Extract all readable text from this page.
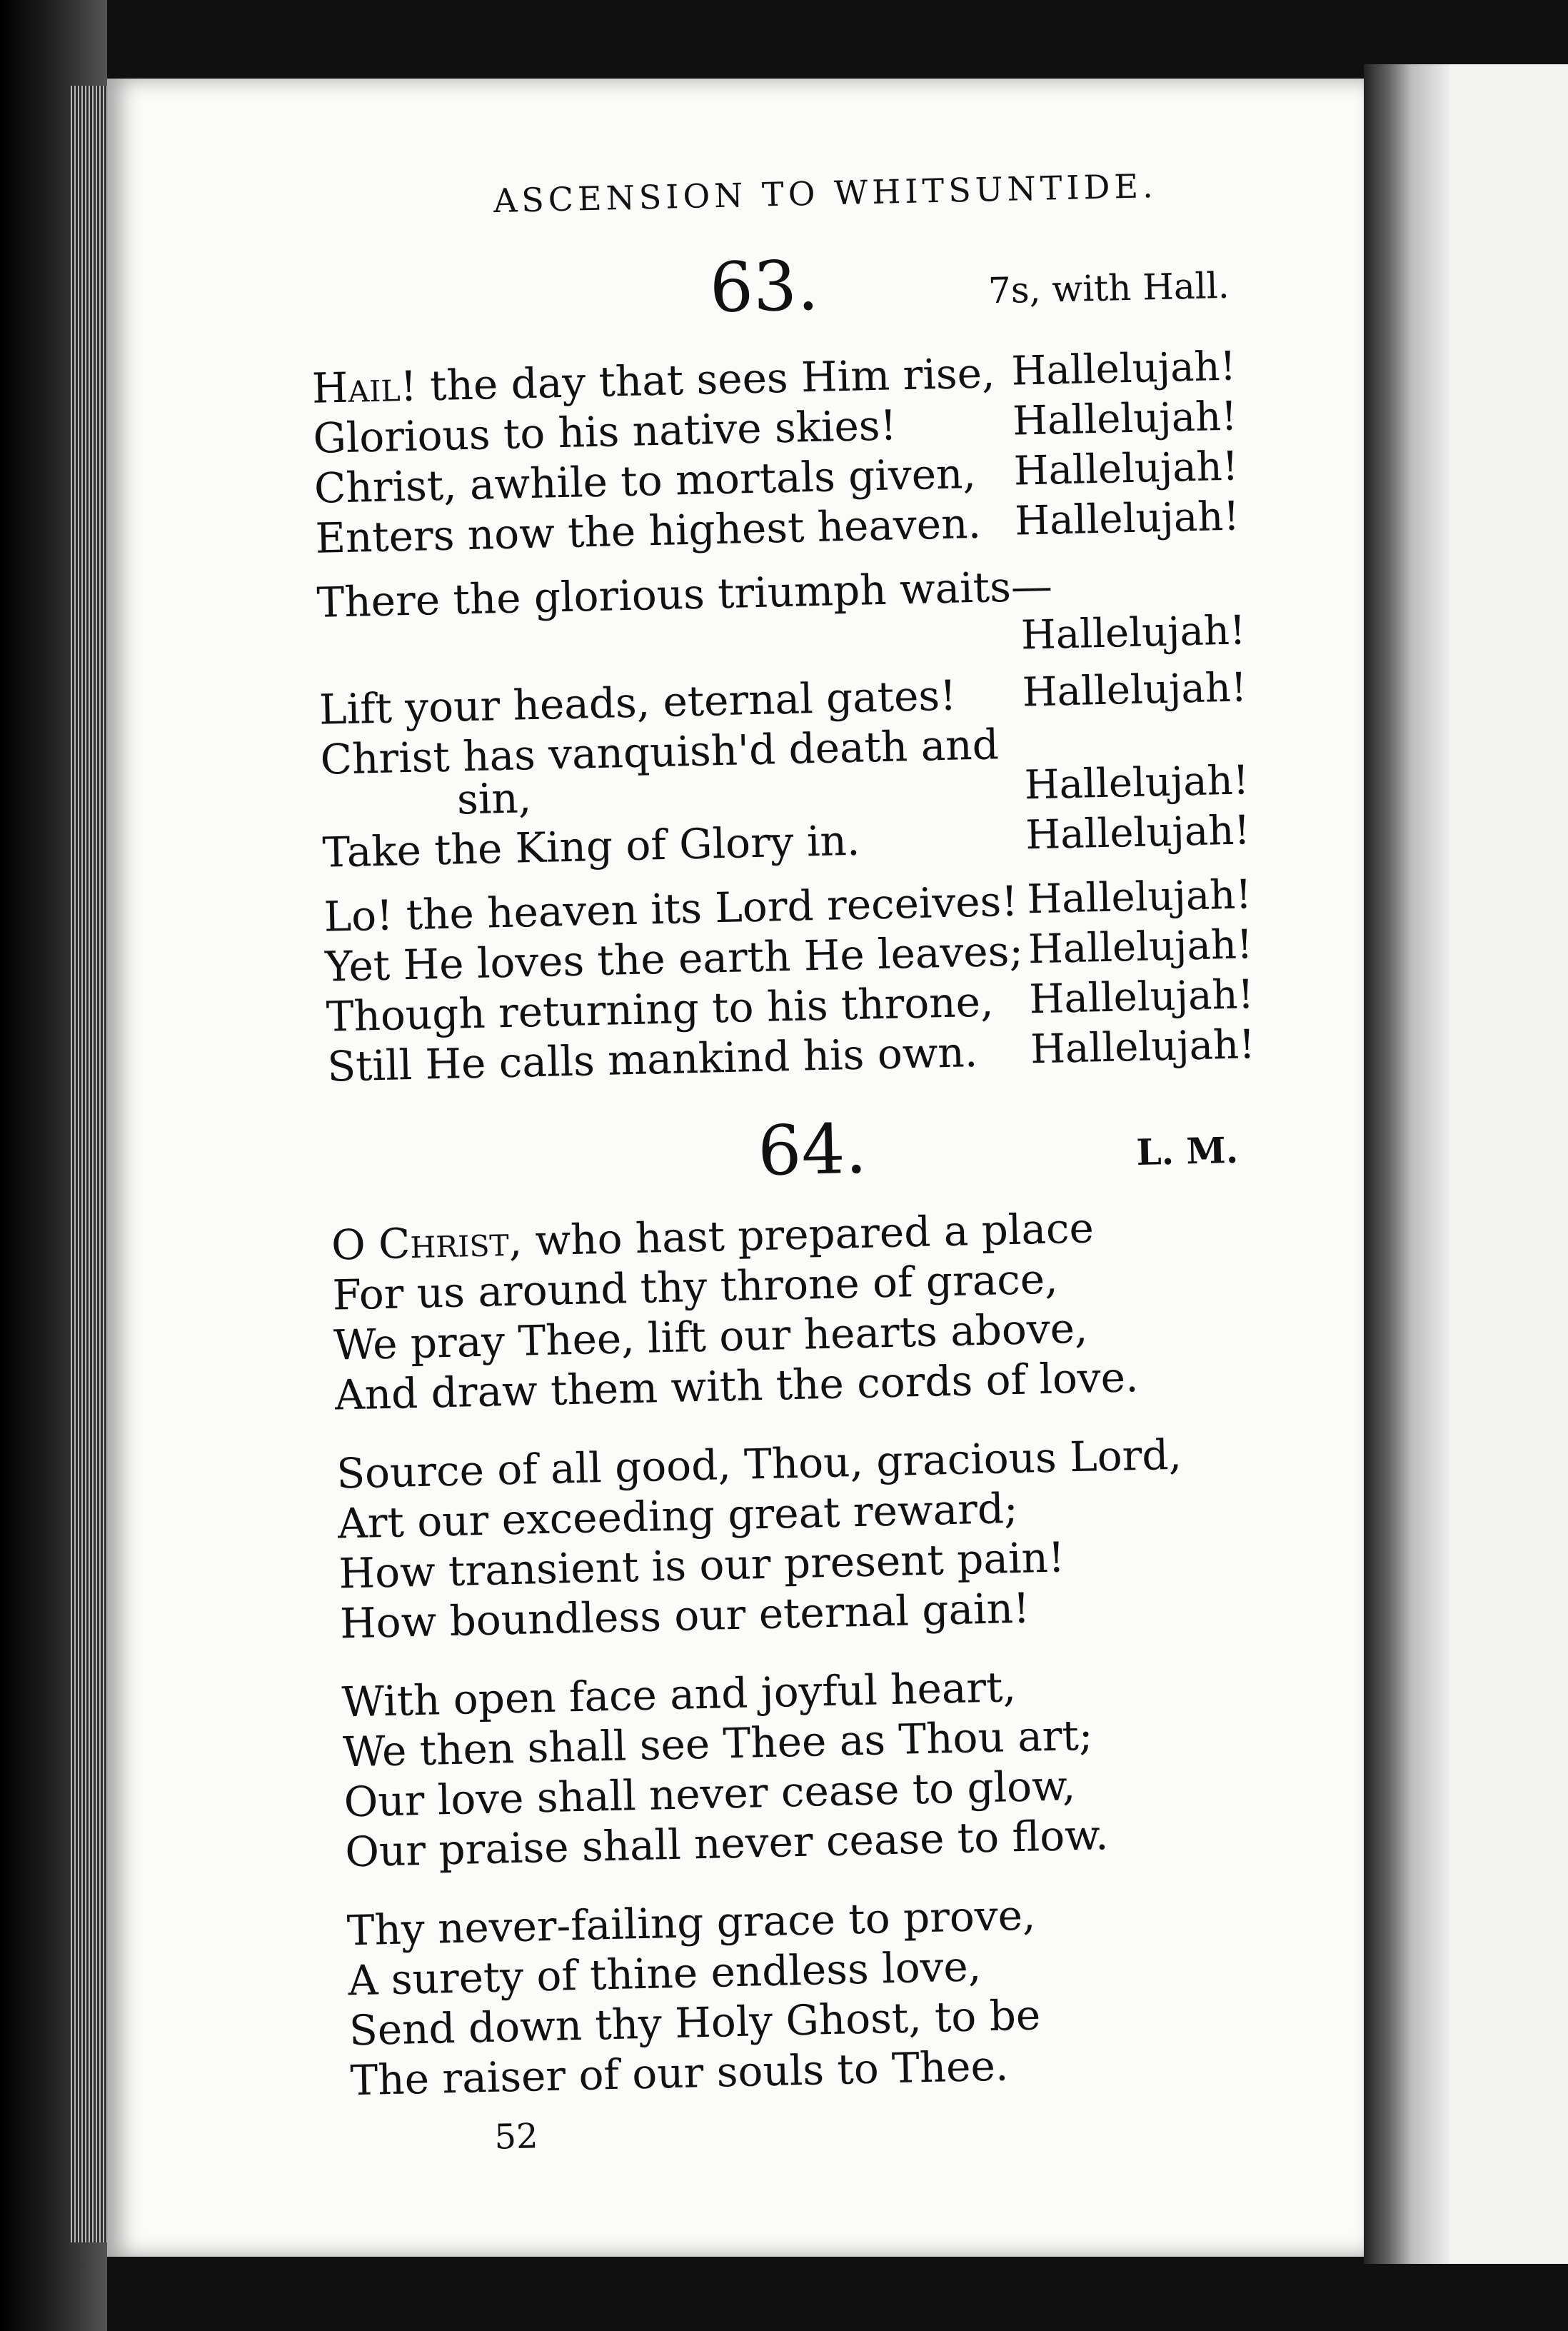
ASCENSION TO WHITSUNTIDE.
63.	7s, with Hall.
Hail! the day that sees Him rise,
Glorious to his native skies!
Christ, awhile to mortals given,
Enters now the highest heaven.
There the glorious triumph waits—
Lift your heads, eternal gates!
Christ has vanquish'd death and
sin,
Take the King of Glory in.
Lo! the heaven its Lord receives!
Yet He loves the earth He leaves;
Though returning to his throne,
Still He calls mankind his own.
Hallelujah!
Hallelujah!
Hallelujah!
Hallelujah!
Hallelujah!
Hallelujah!
Hallelujah!
Hallelujah!
Hallelujah!
Hallelujah!
Hallelujah!
Hallelujah!
64.	L. M.
O Christ, who hast prepared a place
For us around thy throne of grace,
We pray Thee, lift our hearts above,
And draw them with the cords of love.
Source of all good, Thou, gracious Lord,
Art our exceeding great reward;
How transient is our present pain!
How boundless our eternal gain!
With open face and joyful heart,
We then shall see Thee as Thou art;
Our love shall never cease to glow,
Our praise shall never cease to flow.
Thy never-failing grace to prove,
A surety of thine endless love,
Send down thy Holy Ghost, to be
The raiser of our souls to Thee.
52
